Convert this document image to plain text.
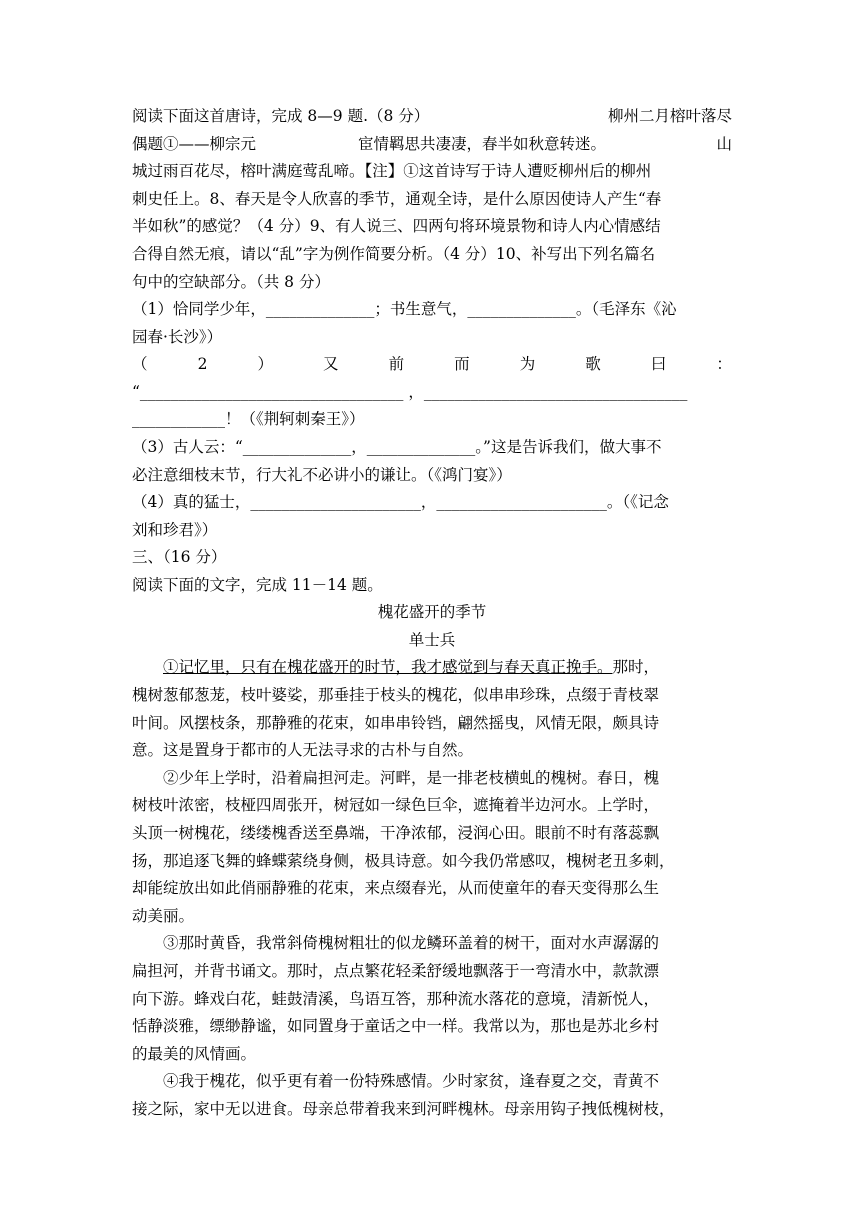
阅读下面这首唐诗，完成 8—9 题.（8 分）	柳州二月榕叶落尽
偶题①——柳宗元	宦情羁思共凄凄，春半如秋意转迷。	山
城过雨百花尽，榕叶满庭莺乱啼。【注】①这首诗写于诗人遭贬柳州后的柳州
刺史任上。8、春天是令人欣喜的季节，通观全诗，是什么原因使诗人产生“春
半如秋”的感觉？（4 分）9、有人说三、四两句将环境景物和诗人内心情感结
合得自然无痕，请以“乱”字为例作简要分析。（4 分）10、补写出下列名篇名
句中的空缺部分。（共 8 分）
（1）恰同学少年，______________；书生意气，______________。（毛泽东《沁
园春·长沙》）
（	2	）	又	前	而	为	歌	曰	：
“__________________________________ ，__________________________________
____________！（《荆轲刺秦王》）
（3）古人云：“______________，______________。”这是告诉我们，做大事不
必注意细枝末节，行大礼不必讲小的谦让。（《鸿门宴》）
（4）真的猛士，______________________，______________________。（《记念
刘和珍君》）
三、（16 分）
阅读下面的文字，完成 11－14 题。
槐花盛开的季节
单士兵
①记忆里，只有在槐花盛开的时节，我才感觉到与春天真正挽手。那时，
槐树葱郁葱茏，枝叶婆娑，那垂挂于枝头的槐花，似串串珍珠，点缀于青枝翠
叶间。风摆枝条，那静雅的花束，如串串铃铛，翩然摇曳，风情无限，颇具诗
意。这是置身于都市的人无法寻求的古朴与自然。
②少年上学时，沿着扁担河走。河畔，是一排老枝横虬的槐树。春日，槐
树枝叶浓密，枝桠四周张开，树冠如一绿色巨伞，遮掩着半边河水。上学时，
头顶一树槐花，缕缕槐香送至鼻端，干净浓郁，浸润心田。眼前不时有落蕊飘
扬，那追逐飞舞的蜂蝶萦绕身侧，极具诗意。如今我仍常感叹，槐树老丑多刺，
却能绽放出如此俏丽静雅的花束，来点缀春光，从而使童年的春天变得那么生
动美丽。
③那时黄昏，我常斜倚槐树粗壮的似龙鳞环盖着的树干，面对水声潺潺的
扁担河，并背书诵文。那时，点点繁花轻柔舒缓地飘落于一弯清水中，款款漂
向下游。蜂戏白花，蛙鼓清溪，鸟语互答，那种流水落花的意境，清新悦人，
恬静淡雅，缥缈静谧，如同置身于童话之中一样。我常以为，那也是苏北乡村
的最美的风情画。
④我于槐花，似乎更有着一份特殊感情。少时家贫，逢春夏之交，青黄不
接之际，家中无以进食。母亲总带着我来到河畔槐林。母亲用钩子拽低槐树枝，
